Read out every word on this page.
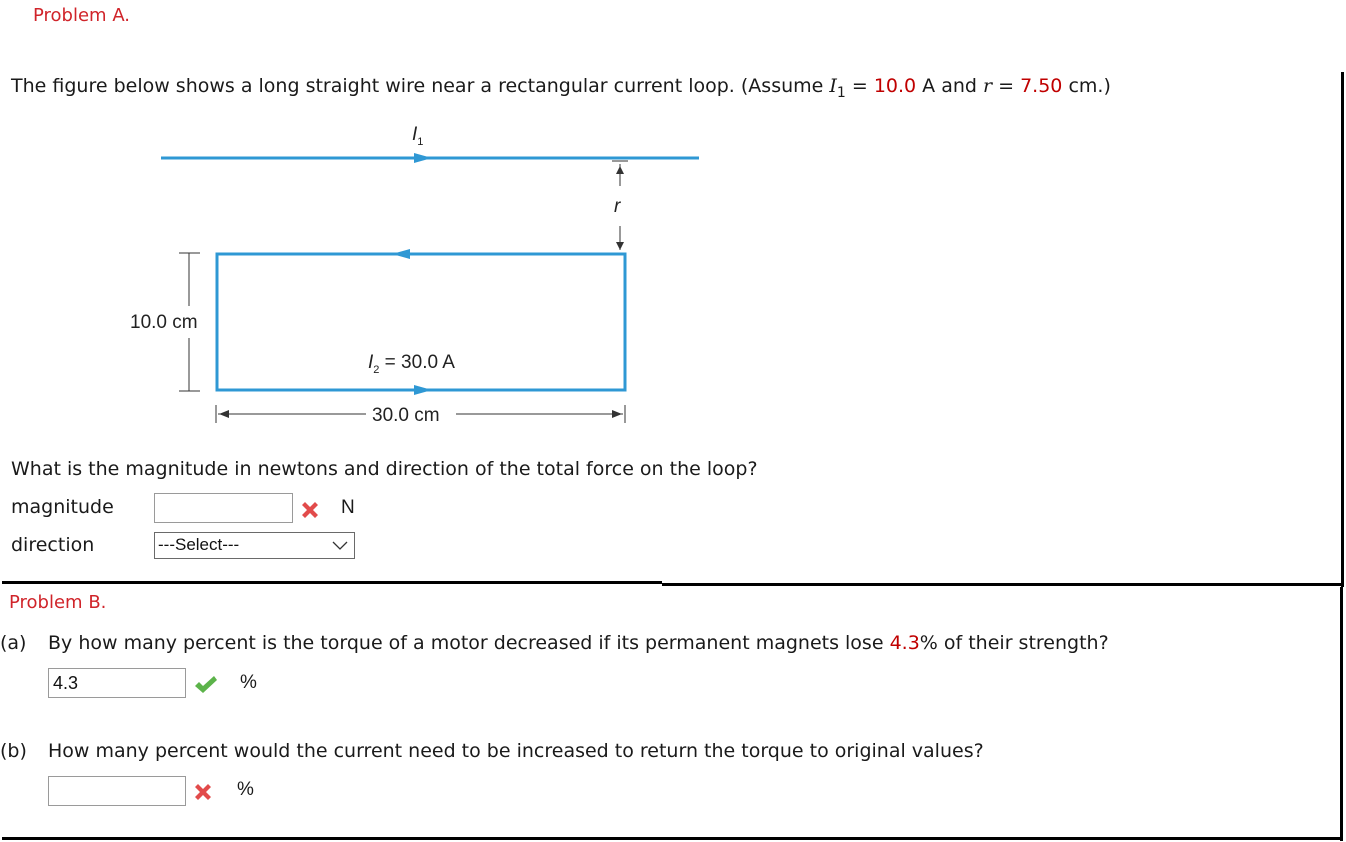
Problem A.
The figure below shows a long straight wire near a rectangular current loop. (Assume $I_1 = 10.0$ A and r = 7.50 cm.)
$I_1$
r
10.0 cm
$I_2 = 30.0$ A
30.0 cm
What is the magnitude in newtons and direction of the total force on the loop?
magnitude	N
direction	---Select---
Problem B.
(a) By how many percent is the torque of a motor decreased if its permanent magnets lose 4.3% of their strength?
4.3
%
(b) How many percent would the current need to be increased to return the torque to original values?
%
